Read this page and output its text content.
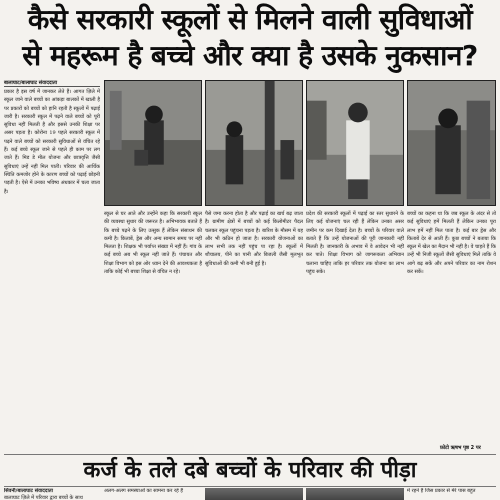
कैसे सरकारी स्कूलों से मिलने वाली सुविधाओं
से महरूम है बच्चे और क्या है उसके नुकसान?
बालाघाट/बालाघाट संवाददाता

प्रकार है इस वर्ष में जानकर लेते हैं। आगत ज़िले में स्कूल जाने वाले बच्चों का आंकड़ा बालकों में खाली है पर प्रकारों को बच्चों को हानि रहती है स्कूलों में पढ़ाई जारी है। सरकारी स्कूल में पढ़ने वाले बच्चों को पूरी सुविधा नहीं मिलती है और इससे उनकी शिक्षा पर असर पड़ता है। कोरोना 19 पहले सरकारी स्कूल में पढ़ने वाले बच्चों को सरकारी सुविधाओं से वंचित रहे हैं। कई बच्चे स्कूल जाने से पहले ही काम पर लग जाते हैं। मिड डे मील योजना और छात्रवृत्ति जैसी सुविधाएं उन्हें नहीं मिल पातीं। परिवार की आर्थिक स्थिति कमजोर होने के कारण बच्चों को पढ़ाई छोड़नी पड़ती है। ऐसे में उनका भविष्य अंधकार में चला जाता है।

स्कूल से घर आते और उन्होंने कहा कि सरकारी स्कूल की व्यवस्था सुधार की जरूरत है। अभिभावक बताते हैं कि बच्चे पढ़ने के लिए उत्सुक हैं लेकिन संसाधन की कमी है। किताबें, ड्रेस और अन्य सामान समय पर नहीं मिलता है। शिक्षक भी पर्याप्त संख्या में नहीं हैं। गांव के कई बच्चे अब भी स्कूल नहीं जाते हैं। पंचायत और शिक्षा विभाग को इस ओर ध्यान देने की आवश्यकता है ताकि कोई भी बच्चा शिक्षा से वंचित न रहे।

पैसे जमा करना होता है और पढ़ाई का खर्च बढ़ जाता है। ग्रामीण क्षेत्रों में बच्चों को कई किलोमीटर पैदल चलकर स्कूल पहुंचना पड़ता है। बारिश के मौसम में यह और भी कठिन हो जाता है। सरकारी योजनाओं का लाभ सभी तक नहीं पहुंच पा रहा है। स्कूलों में शौचालय, पीने का पानी और बिजली जैसी मूलभूत सुविधाओं की कमी भी बनी हुई है।

प्रदेश की सरकारी स्कूलों में पढ़ाई का स्तर सुधारने के लिए कई योजनाएं चल रही हैं लेकिन उनका असर जमीन पर कम दिखाई देता है। बच्चों के परिवार वाले बताते हैं कि उन्हें योजनाओं की पूरी जानकारी नहीं मिलती है। जानकारी के अभाव में वे आवेदन भी नहीं कर पाते। शिक्षा विभाग को जागरूकता अभियान चलाना चाहिए ताकि हर परिवार तक योजना का लाभ पहुंच सके।

बच्चों का कहना था कि जब स्कूल के अंदर से तो कई सुविधाएं हमें मिलती हैं लेकिन उनका पूरा लाभ हमें नहीं मिल पाता है। कई बार ड्रेस और किताबें देर से आती हैं। कुछ बच्चों ने बताया कि स्कूल में खेल का मैदान भी नहीं है। वे चाहते हैं कि उन्हें भी निजी स्कूलों जैसी सुविधाएं मिलें ताकि वे आगे बढ़ सकें और अपने परिवार का नाम रोशन कर सकें।

फ़ोटो ऋषभ पृष्ठ 2 पर
कर्ज के तले दबे बच्चों के परिवार की पीड़ा
सिवनी/बालाघाट संवाददाता
बालाघाट ज़िले में परिवार द्वारा बच्चों के साथ
अलग-अलग समस्याओं का सामना कर रहे हैं	में रहने हैं जिस प्रकार से मेरे पास बहुत
